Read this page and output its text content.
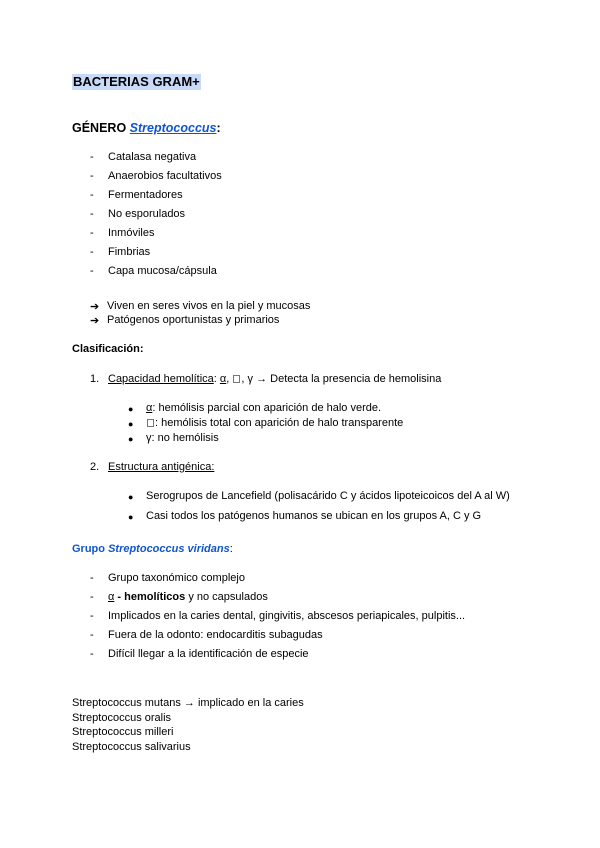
BACTERIAS GRAM+
GÉNERO Streptococcus:
- Catalasa negativa
- Anaerobios facultativos
- Fermentadores
- No esporulados
- Inmóviles
- Fimbrias
- Capa mucosa/cápsula
➔ Viven en seres vivos en la piel y mucosas
➔ Patógenos oportunistas y primarios
Clasificación:
1. Capacidad hemolítica: α, , γ → Detecta la presencia de hemolisina
● α: hemólisis parcial con aparición de halo verde.
●	: hemólisis total con aparición de halo transparente
● γ: no hemólisis
2. Estructura antigénica:
● Serogrupos de Lancefield (polisacárido C y ácidos lipoteicoicos del A al W)
● Casi todos los patógenos humanos se ubican en los grupos A, C y G
Grupo Streptococcus viridans:
- Grupo taxonómico complejo
- α - hemolíticos y no capsulados
- Implicados en la caries dental, gingivitis, abscesos periapicales, pulpitis...
- Fuera de la odonto: endocarditis subagudas
- Difícil llegar a la identificación de especie
Streptococcus mutans → implicado en la caries
Streptococcus oralis
Streptococcus milleri
Streptococcus salivarius
